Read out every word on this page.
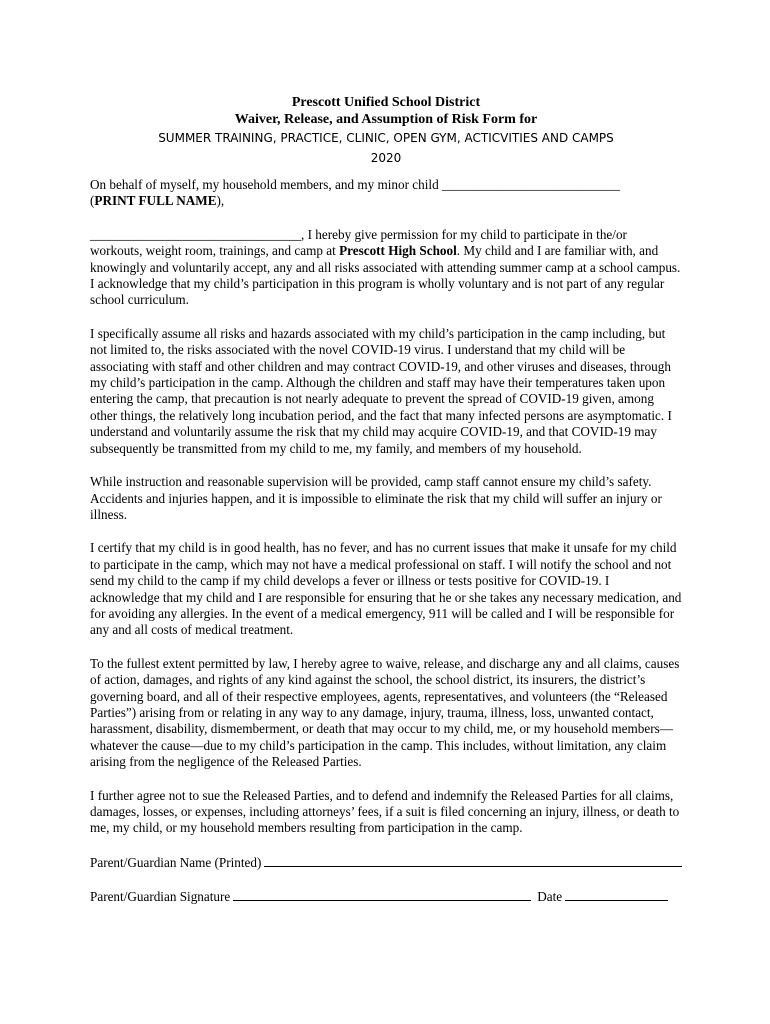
Prescott Unified School District

Waiver, Release, and Assumption of Risk Form for

SUMMER TRAINING, PRACTICE, CLINIC, OPEN GYM, ACTICVITIES AND CAMPS

2020

On behalf of myself, my household members, and my minor child ___________________________
(PRINT FULL NAME),

________________________________, I hereby give permission for my child to participate in the/or workouts, weight room, trainings, and camp at Prescott High School. My child and I are familiar with, and knowingly and voluntarily accept, any and all risks associated with attending summer camp at a school campus. I acknowledge that my child’s participation in this program is wholly voluntary and is not part of any regular school curriculum.

I specifically assume all risks and hazards associated with my child’s participation in the camp including, but not limited to, the risks associated with the novel COVID-19 virus. I understand that my child will be associating with staff and other children and may contract COVID-19, and other viruses and diseases, through my child’s participation in the camp. Although the children and staff may have their temperatures taken upon entering the camp, that precaution is not nearly adequate to prevent the spread of COVID-19 given, among other things, the relatively long incubation period, and the fact that many infected persons are asymptomatic. I understand and voluntarily assume the risk that my child may acquire COVID-19, and that COVID-19 may subsequently be transmitted from my child to me, my family, and members of my household.

While instruction and reasonable supervision will be provided, camp staff cannot ensure my child’s safety. Accidents and injuries happen, and it is impossible to eliminate the risk that my child will suffer an injury or illness.

I certify that my child is in good health, has no fever, and has no current issues that make it unsafe for my child to participate in the camp, which may not have a medical professional on staff. I will notify the school and not send my child to the camp if my child develops a fever or illness or tests positive for COVID-19. I acknowledge that my child and I are responsible for ensuring that he or she takes any necessary medication, and for avoiding any allergies. In the event of a medical emergency, 911 will be called and I will be responsible for any and all costs of medical treatment.

To the fullest extent permitted by law, I hereby agree to waive, release, and discharge any and all claims, causes of action, damages, and rights of any kind against the school, the school district, its insurers, the district’s governing board, and all of their respective employees, agents, representatives, and volunteers (the “Released Parties”) arising from or relating in any way to any damage, injury, trauma, illness, loss, unwanted contact, harassment, disability, dismemberment, or death that may occur to my child, me, or my household members—whatever the cause—due to my child’s participation in the camp. This includes, without limitation, any claim arising from the negligence of the Released Parties.

I further agree not to sue the Released Parties, and to defend and indemnify the Released Parties for all claims, damages, losses, or expenses, including attorneys’ fees, if a suit is filed concerning an injury, illness, or death to me, my child, or my household members resulting from participation in the camp.

Parent/Guardian Name (Printed)
Parent/Guardian Signature	Date
